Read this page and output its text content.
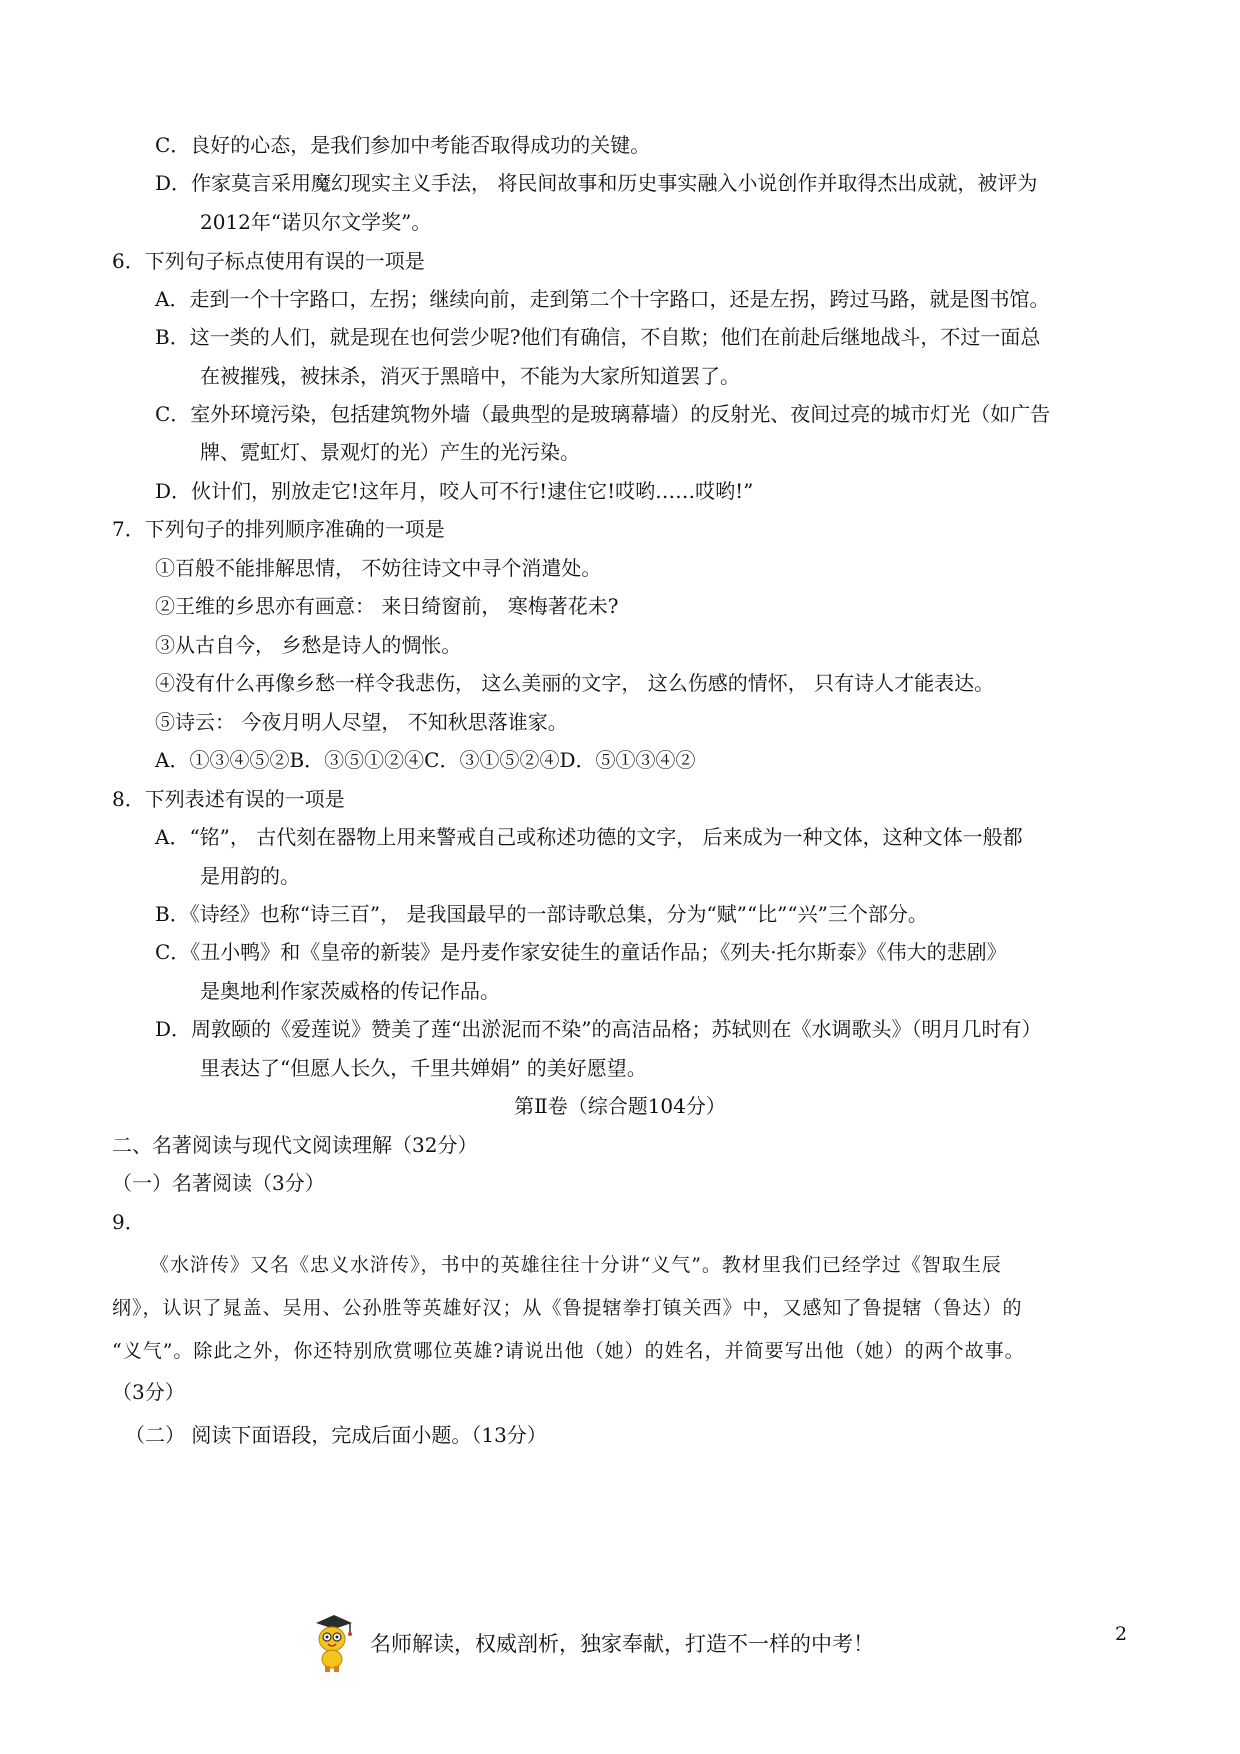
C．良好的心态，是我们参加中考能否取得成功的关键。
D．作家莫言采用魔幻现实主义手法， 将民间故事和历史事实融入小说创作并取得杰出成就，被评为
2012年“诺贝尔文学奖”。
6．下列句子标点使用有误的一项是
A．走到一个十字路口，左拐；继续向前，走到第二个十字路口，还是左拐，跨过马路，就是图书馆。
B．这一类的人们，就是现在也何尝少呢?他们有确信，不自欺；他们在前赴后继地战斗，不过一面总
在被摧残，被抹杀，消灭于黑暗中，不能为大家所知道罢了。
C．室外环境污染，包括建筑物外墙（最典型的是玻璃幕墙）的反射光、夜间过亮的城市灯光（如广告
牌、霓虹灯、景观灯的光）产生的光污染。
D．伙计们，别放走它!这年月，咬人可不行!逮住它!哎哟……哎哟!”
7．下列句子的排列顺序准确的一项是
①百般不能排解思情， 不妨往诗文中寻个消遣处。
②王维的乡思亦有画意： 来日绮窗前， 寒梅著花未?
③从古自今， 乡愁是诗人的惆怅。
④没有什么再像乡愁一样令我悲伤， 这么美丽的文字， 这么伤感的情怀， 只有诗人才能表达。
⑤诗云： 今夜月明人尽望， 不知秋思落谁家。
A．①③④⑤②B．③⑤①②④C．③①⑤②④D．⑤①③④②
8．下列表述有误的一项是
A．“铭”， 古代刻在器物上用来警戒自己或称述功德的文字， 后来成为一种文体，这种文体一般都
是用韵的。
B．《诗经》也称“诗三百”， 是我国最早的一部诗歌总集，分为“赋”“比”“兴”三个部分。
C．《丑小鸭》和《皇帝的新装》是丹麦作家安徒生的童话作品；《列夫·托尔斯泰》《伟大的悲剧》
是奥地利作家茨威格的传记作品。
D．周敦颐的《爱莲说》赞美了莲“出淤泥而不染”的高洁品格；苏轼则在《水调歌头》（明月几时有）
里表达了“但愿人长久，千里共婵娟” 的美好愿望。
第Ⅱ卷（综合题104分）
二、名著阅读与现代文阅读理解（32分）
（一）名著阅读（3分）
9．
《水浒传》又名《忠义水浒传》，书中的英雄往往十分讲“义气”。教材里我们已经学过《智取生辰
纲》，认识了晁盖、吴用、公孙胜等英雄好汉；从《鲁提辖拳打镇关西》中，又感知了鲁提辖（鲁达）的
“义气”。除此之外，你还特别欣赏哪位英雄?请说出他（她）的姓名，并简要写出他（她）的两个故事。
（3分）
（二） 阅读下面语段，完成后面小题。（13分）
名师解读，权威剖析，独家奉献，打造不一样的中考！	2
